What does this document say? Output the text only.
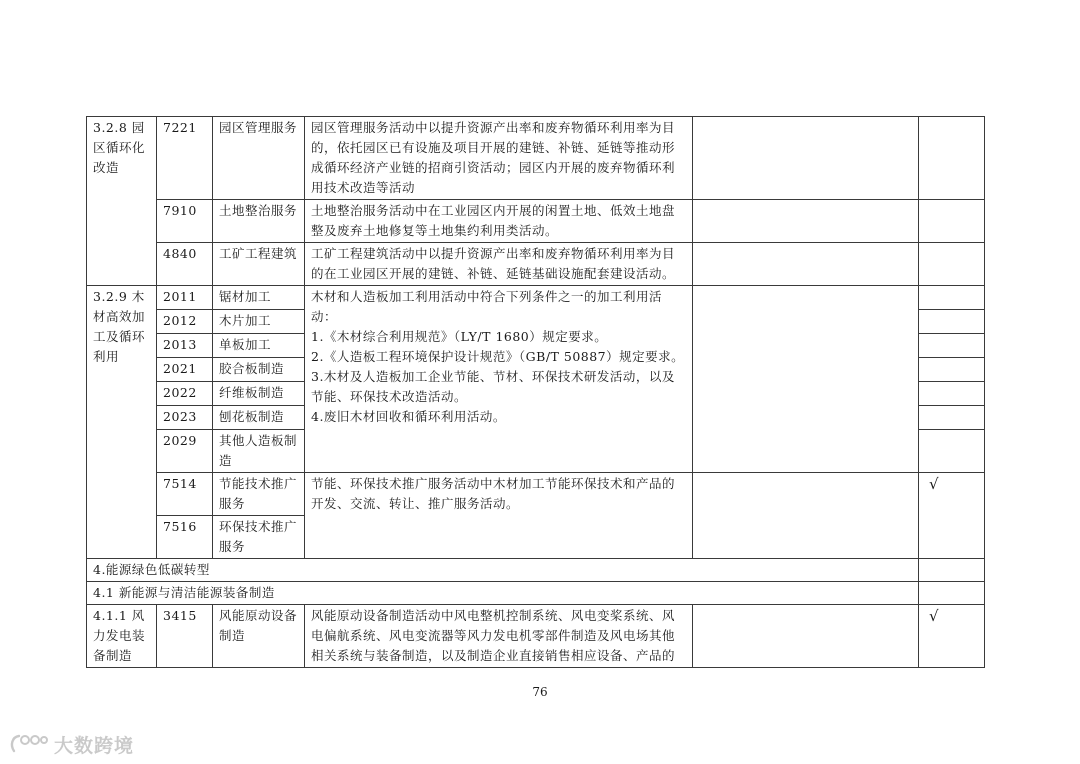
3.2.8 园区循环化改造	7221	园区管理服务	园区管理服务活动中以提升资源产出率和废弃物循环利用率为目的，依托园区已有设施及项目开展的建链、补链、延链等推动形成循环经济产业链的招商引资活动；园区内开展的废弃物循环利用技术改造等活动		
	7910	土地整治服务	土地整治服务活动中在工业园区内开展的闲置土地、低效土地盘整及废弃土地修复等土地集约利用类活动。		
	4840	工矿工程建筑	工矿工程建筑活动中以提升资源产出率和废弃物循环利用率为目的在工业园区开展的建链、补链、延链基础设施配套建设活动。		
3.2.9 木材高效加工及循环利用	2011	锯材加工	木材和人造板加工利用活动中符合下列条件之一的加工利用活动：
1.《木材综合利用规范》（LY/T 1680）规定要求。
2.《人造板工程环境保护设计规范》（GB/T 50887）规定要求。
3.木材及人造板加工企业节能、节材、环保技术研发活动，以及节能、环保技术改造活动。
4.废旧木材回收和循环利用活动。		
	2012	木片加工			
	2013	单板加工			
	2021	胶合板制造			
	2022	纤维板制造			
	2023	刨花板制造			
	2029	其他人造板制造			
	7514	节能技术推广服务	节能、环保技术推广服务活动中木材加工节能环保技术和产品的开发、交流、转让、推广服务活动。		√
	7516	环保技术推广服务			
4.能源绿色低碳转型					
4.1 新能源与清洁能源装备制造					
4.1.1 风力发电装备制造	3415	风能原动设备制造	风能原动设备制造活动中风电整机控制系统、风电变桨系统、风电偏航系统、风电变流器等风力发电机零部件制造及风电场其他相关系统与装备制造，以及制造企业直接销售相应设备、产品的		√
76
大数跨境
